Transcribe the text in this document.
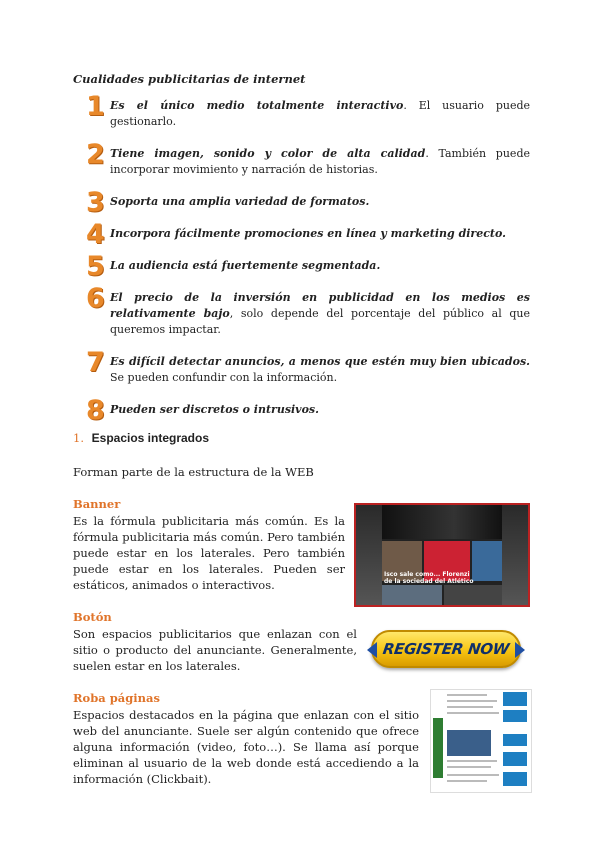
Cualidades publicitarias de internet
1 Es el único medio totalmente interactivo. El usuario puede gestionarlo.
2 Tiene imagen, sonido y color de alta calidad. También puede incorporar movimiento y narración de historias.
3 Soporta una amplia variedad de formatos.
4 Incorpora fácilmente promociones en línea y marketing directo.
5 La audiencia está fuertemente segmentada.
6 El precio de la inversión en publicidad en los medios es relativamente bajo, solo depende del porcentaje del público al que queremos impactar.
7 Es difícil detectar anuncios, a menos que estén muy bien ubicados. Se pueden confundir con la información.
8 Pueden ser discretos o intrusivos.
1. Espacios integrados
Forman parte de la estructura de la WEB
Banner
Es la fórmula publicitaria más común. Es la fórmula publicitaria más común. Pero también puede estar en los laterales. Pero también puede estar en los laterales. Pueden ser estáticos, animados o interactivos.
Isco sale como... Florenzi de la sociedad del Atlético
Botón
Son espacios publicitarios que enlazan con el sitio o producto del anunciante. Generalmente, suelen estar en los laterales.
REGISTER NOW
Roba páginas
Espacios destacados en la página que enlazan con el sitio web del anunciante. Suele ser algún contenido que ofrece alguna información (video, foto…). Se llama así porque eliminan al usuario de la web donde está accediendo a la información (Clickbait).
